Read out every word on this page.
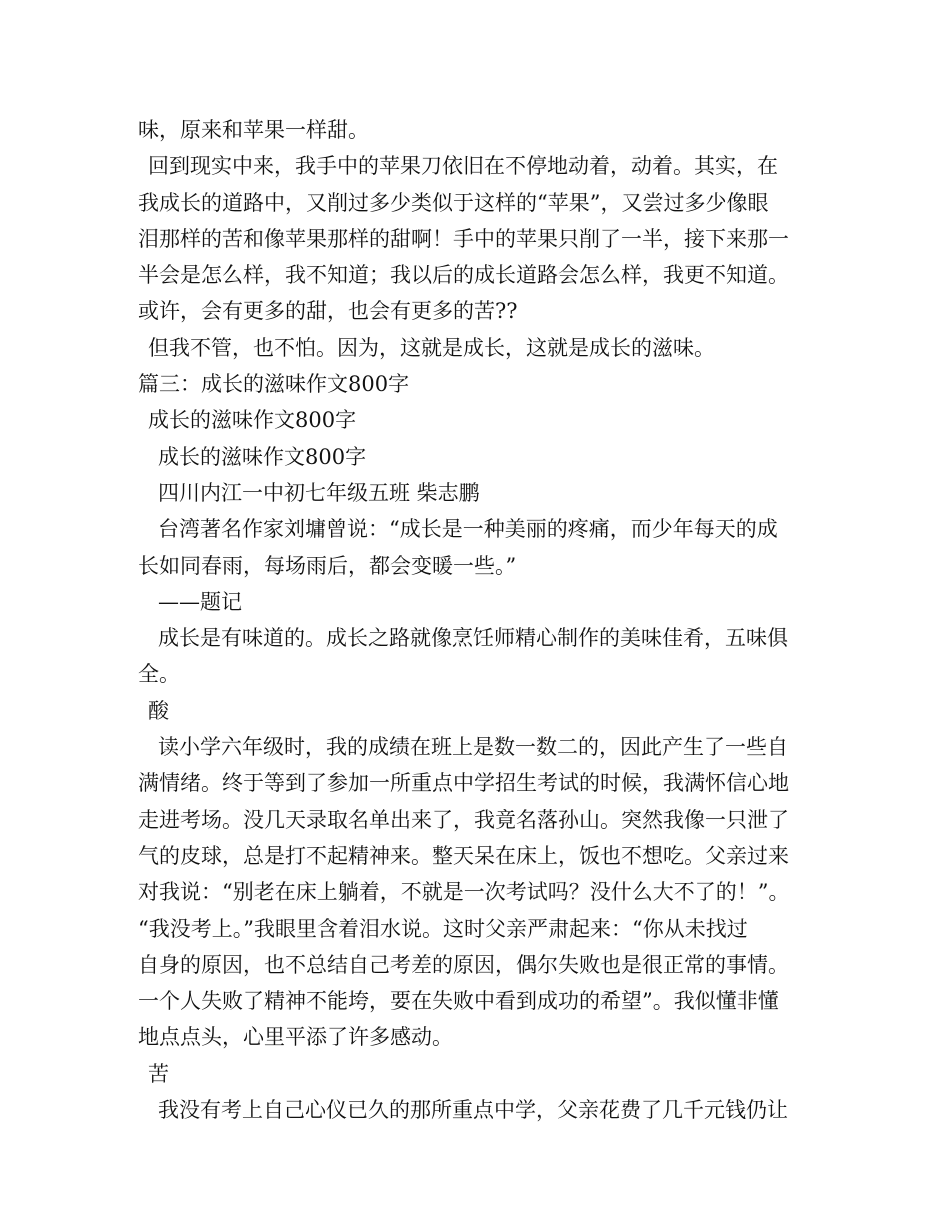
味，原来和苹果一样甜。
回到现实中来，我手中的苹果刀依旧在不停地动着，动着。其实，在
我成长的道路中，又削过多少类似于这样的“苹果”，又尝过多少像眼
泪那样的苦和像苹果那样的甜啊！手中的苹果只削了一半，接下来那一
半会是怎么样，我不知道；我以后的成长道路会怎么样，我更不知道。
或许，会有更多的甜，也会有更多的苦??
但我不管，也不怕。因为，这就是成长，这就是成长的滋味。
篇三：成长的滋味作文800字
成长的滋味作文800字
成长的滋味作文800字
四川内江一中初七年级五班 柴志鹏
台湾著名作家刘墉曾说：“成长是一种美丽的疼痛，而少年每天的成
长如同春雨，每场雨后，都会变暖一些。”
——题记
成长是有味道的。成长之路就像烹饪师精心制作的美味佳肴，五味俱
全。
酸
读小学六年级时，我的成绩在班上是数一数二的，因此产生了一些自
满情绪。终于等到了参加一所重点中学招生考试的时候，我满怀信心地
走进考场。没几天录取名单出来了，我竟名落孙山。突然我像一只泄了
气的皮球，总是打不起精神来。整天呆在床上，饭也不想吃。父亲过来
对我说：“别老在床上躺着，不就是一次考试吗？没什么大不了的！”。
“我没考上。”我眼里含着泪水说。这时父亲严肃起来：“你从未找过
自身的原因，也不总结自己考差的原因，偶尔失败也是很正常的事情。
一个人失败了精神不能垮，要在失败中看到成功的希望”。我似懂非懂
地点点头，心里平添了许多感动。
苦
我没有考上自己心仪已久的那所重点中学，父亲花费了几千元钱仍让
